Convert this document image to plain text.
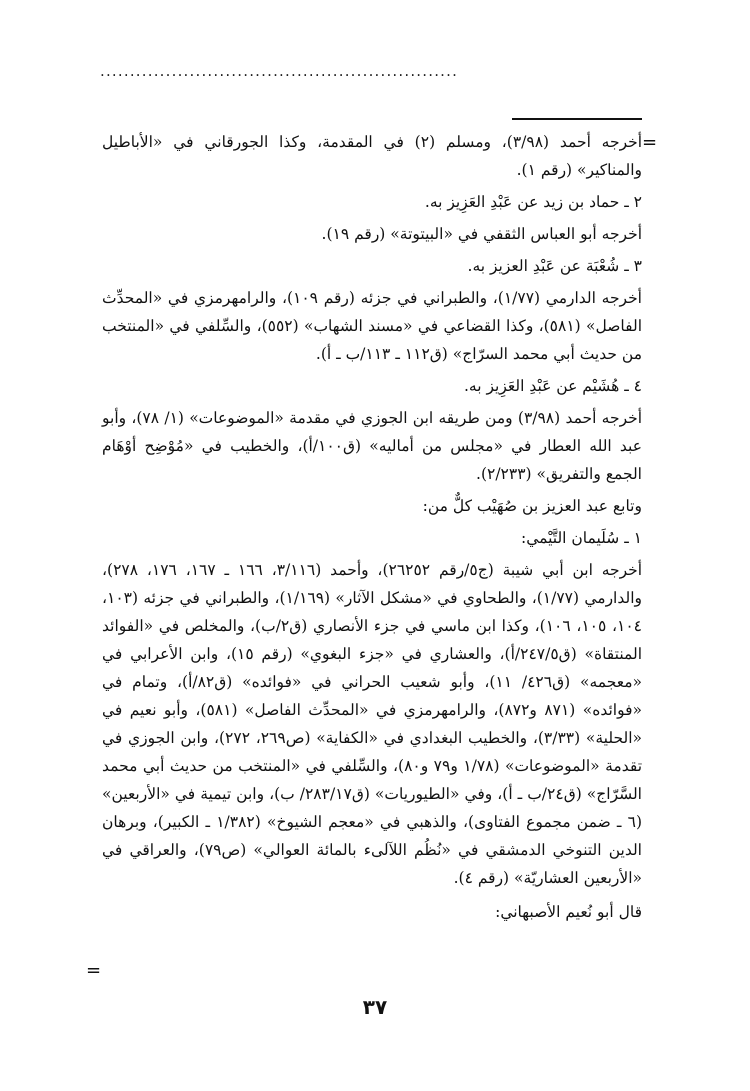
............................................................
=

أخرجه أحمد (٣/٩٨)، ومسلم (٢) في المقدمة، وكذا الجورقاني في «الأباطيل والمناكير» (رقم ١).

٢ ـ حماد بن زيد عن عَبْدِ العَزِيز به.

أخرجه أبو العباس الثقفي في «البيتوتة» (رقم ١٩).

٣ ـ شُعْبَة عن عَبْدِ العزيز به.

أخرجه الدارمي (١/٧٧)، والطبراني في جزئه (رقم ١٠٩)، والرامهرمزي في «المحدِّث الفاصل» (٥٨١)، وكذا القضاعي في «مسند الشهاب» (٥٥٢)، والسِّلفي في «المنتخب من حديث أبي محمد السرّاج» (ق١١٢ ـ ١١٣/ب ـ أ).

٤ ـ هُشَيْم عن عَبْدِ العَزِيز به.

أخرجه أحمد (٣/٩٨) ومن طريقه ابن الجوزي في مقدمة «الموضوعات» (١/ ٧٨)، وأبو عبد الله العطار في «مجلس من أماليه» (ق١٠٠/أ)، والخطيب في «مُوْضِح أوْهَام الجمع والتفريق» (٢/٢٣٣).

وتابع عبد العزيز بن صُهَيْب كلٌّ من:

١ ـ سُلَيمان التَّيْمي:

أخرجه ابن أبي شيبة (ج٥/رقم ٢٦٢٥٢)، وأحمد (٣/١١٦، ١٦٦ ـ ١٦٧، ١٧٦، ٢٧٨)، والدارمي (١/٧٧)، والطحاوي في «مشكل الآثار» (١/١٦٩)، والطبراني في جزئه (١٠٣، ١٠٤، ١٠٥، ١٠٦)، وكذا ابن ماسي في جزء الأنصاري (ق٢/ب)، والمخلص في «الفوائد المنتقاة» (ق٢٤٧/٥/أ)، والعشاري في «جزء البغوي» (رقم ١٥)، وابن الأعرابي في «معجمه» (ق٤٢٦/ ١١)، وأبو شعيب الحراني في «فوائده» (ق٨٢/أ)، وتمام في «فوائده» (٨٧١ و٨٧٢)، والرامهرمزي في «المحدِّث الفاصل» (٥٨١)، وأبو نعيم في «الحلية» (٣/٣٣)، والخطيب البغدادي في «الكفاية» (ص٢٦٩، ٢٧٢)، وابن الجوزي في تقدمة «الموضوعات» (١/٧٨ و٧٩ و٨٠)، والسِّلفي في «المنتخب من حديث أبي محمد السَّرّاج» (ق٢٤/ب ـ أ)، وفي «الطيوريات» (ق٢٨٣/١٧/ ب)، وابن تيمية في «الأربعين» (٦ ـ ضمن مجموع الفتاوى)، والذهبي في «معجم الشيوخ» (١/٣٨٢ ـ الكبير)، وبرهان الدين التنوخي الدمشقي في «نُظُم اللآلىء بالمائة العوالي» (ص٧٩)، والعراقي في «الأربعين العشاريّة» (رقم ٤).

قال أبو نُعيم الأصبهاني:

=
٣٧
